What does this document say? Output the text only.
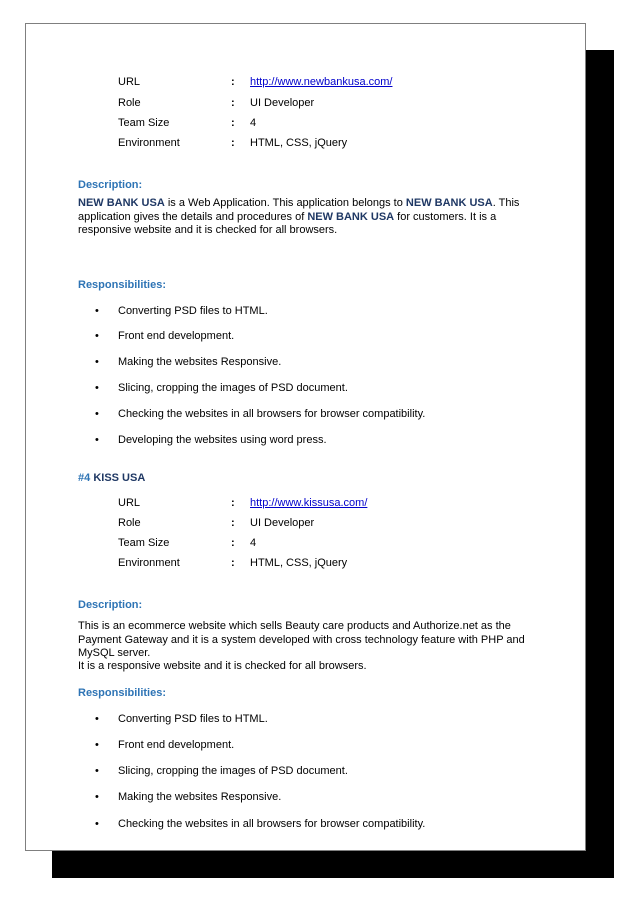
URL	: http://www.newbankusa.com/
Role	: UI Developer
Team Size	: 4
Environment	: HTML, CSS, jQuery
Description:
NEW BANK USA is a Web Application. This application belongs to NEW BANK USA. This application gives the details and procedures of NEW BANK USA for customers. It is a responsive website and it is checked for all browsers.
Responsibilities:
• Converting PSD files to HTML.
• Front end development.
• Making the websites Responsive.
• Slicing, cropping the images of PSD document.
• Checking the websites in all browsers for browser compatibility.
• Developing the websites using word press.
#4 KISS USA
URL	: http://www.kissusa.com/
Role	: UI Developer
Team Size	: 4
Environment	: HTML, CSS, jQuery
Description:
This is an ecommerce website which sells Beauty care products and Authorize.net as the Payment Gateway and it is a system developed with cross technology feature with PHP and MySQL server.
It is a responsive website and it is checked for all browsers.
Responsibilities:
• Converting PSD files to HTML.
• Front end development.
• Slicing, cropping the images of PSD document.
• Making the websites Responsive.
• Checking the websites in all browsers for browser compatibility.
